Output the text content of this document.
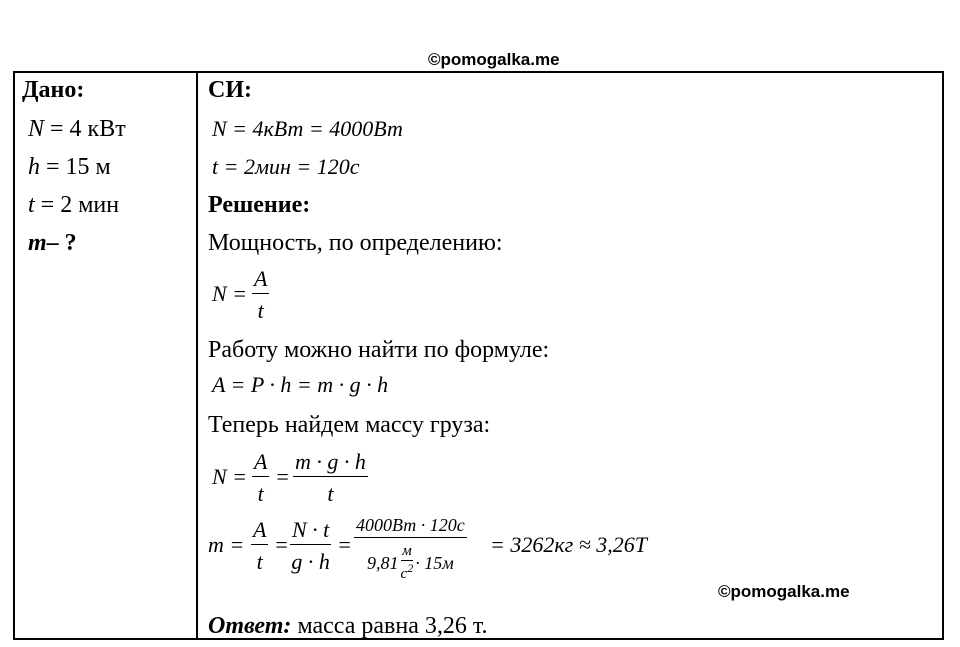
©pomogalka.me
Дано:
N = 4 кВт
h = 15 м
t = 2 мин
m– ?
СИ:
N = 4кВт = 4000Вт
t = 2мин = 120с
Решение:
Мощность, по определению:
$N = \frac{A}{t}$
Работу можно найти по формуле:
A = P · h = m · g · h
Теперь найдем массу груза:
$N = \frac{A}{t} = \frac{m \cdot g \cdot h}{t}$
$m = \frac{A}{t} = \frac{N \cdot t}{g \cdot h}$ =
4000Вт · 120с
9,81
м
$с^2 \cdot 15м$
= 3262кг ≈ 3,26Т
©pomogalka.me
Ответ: масса равна 3,26 т.
